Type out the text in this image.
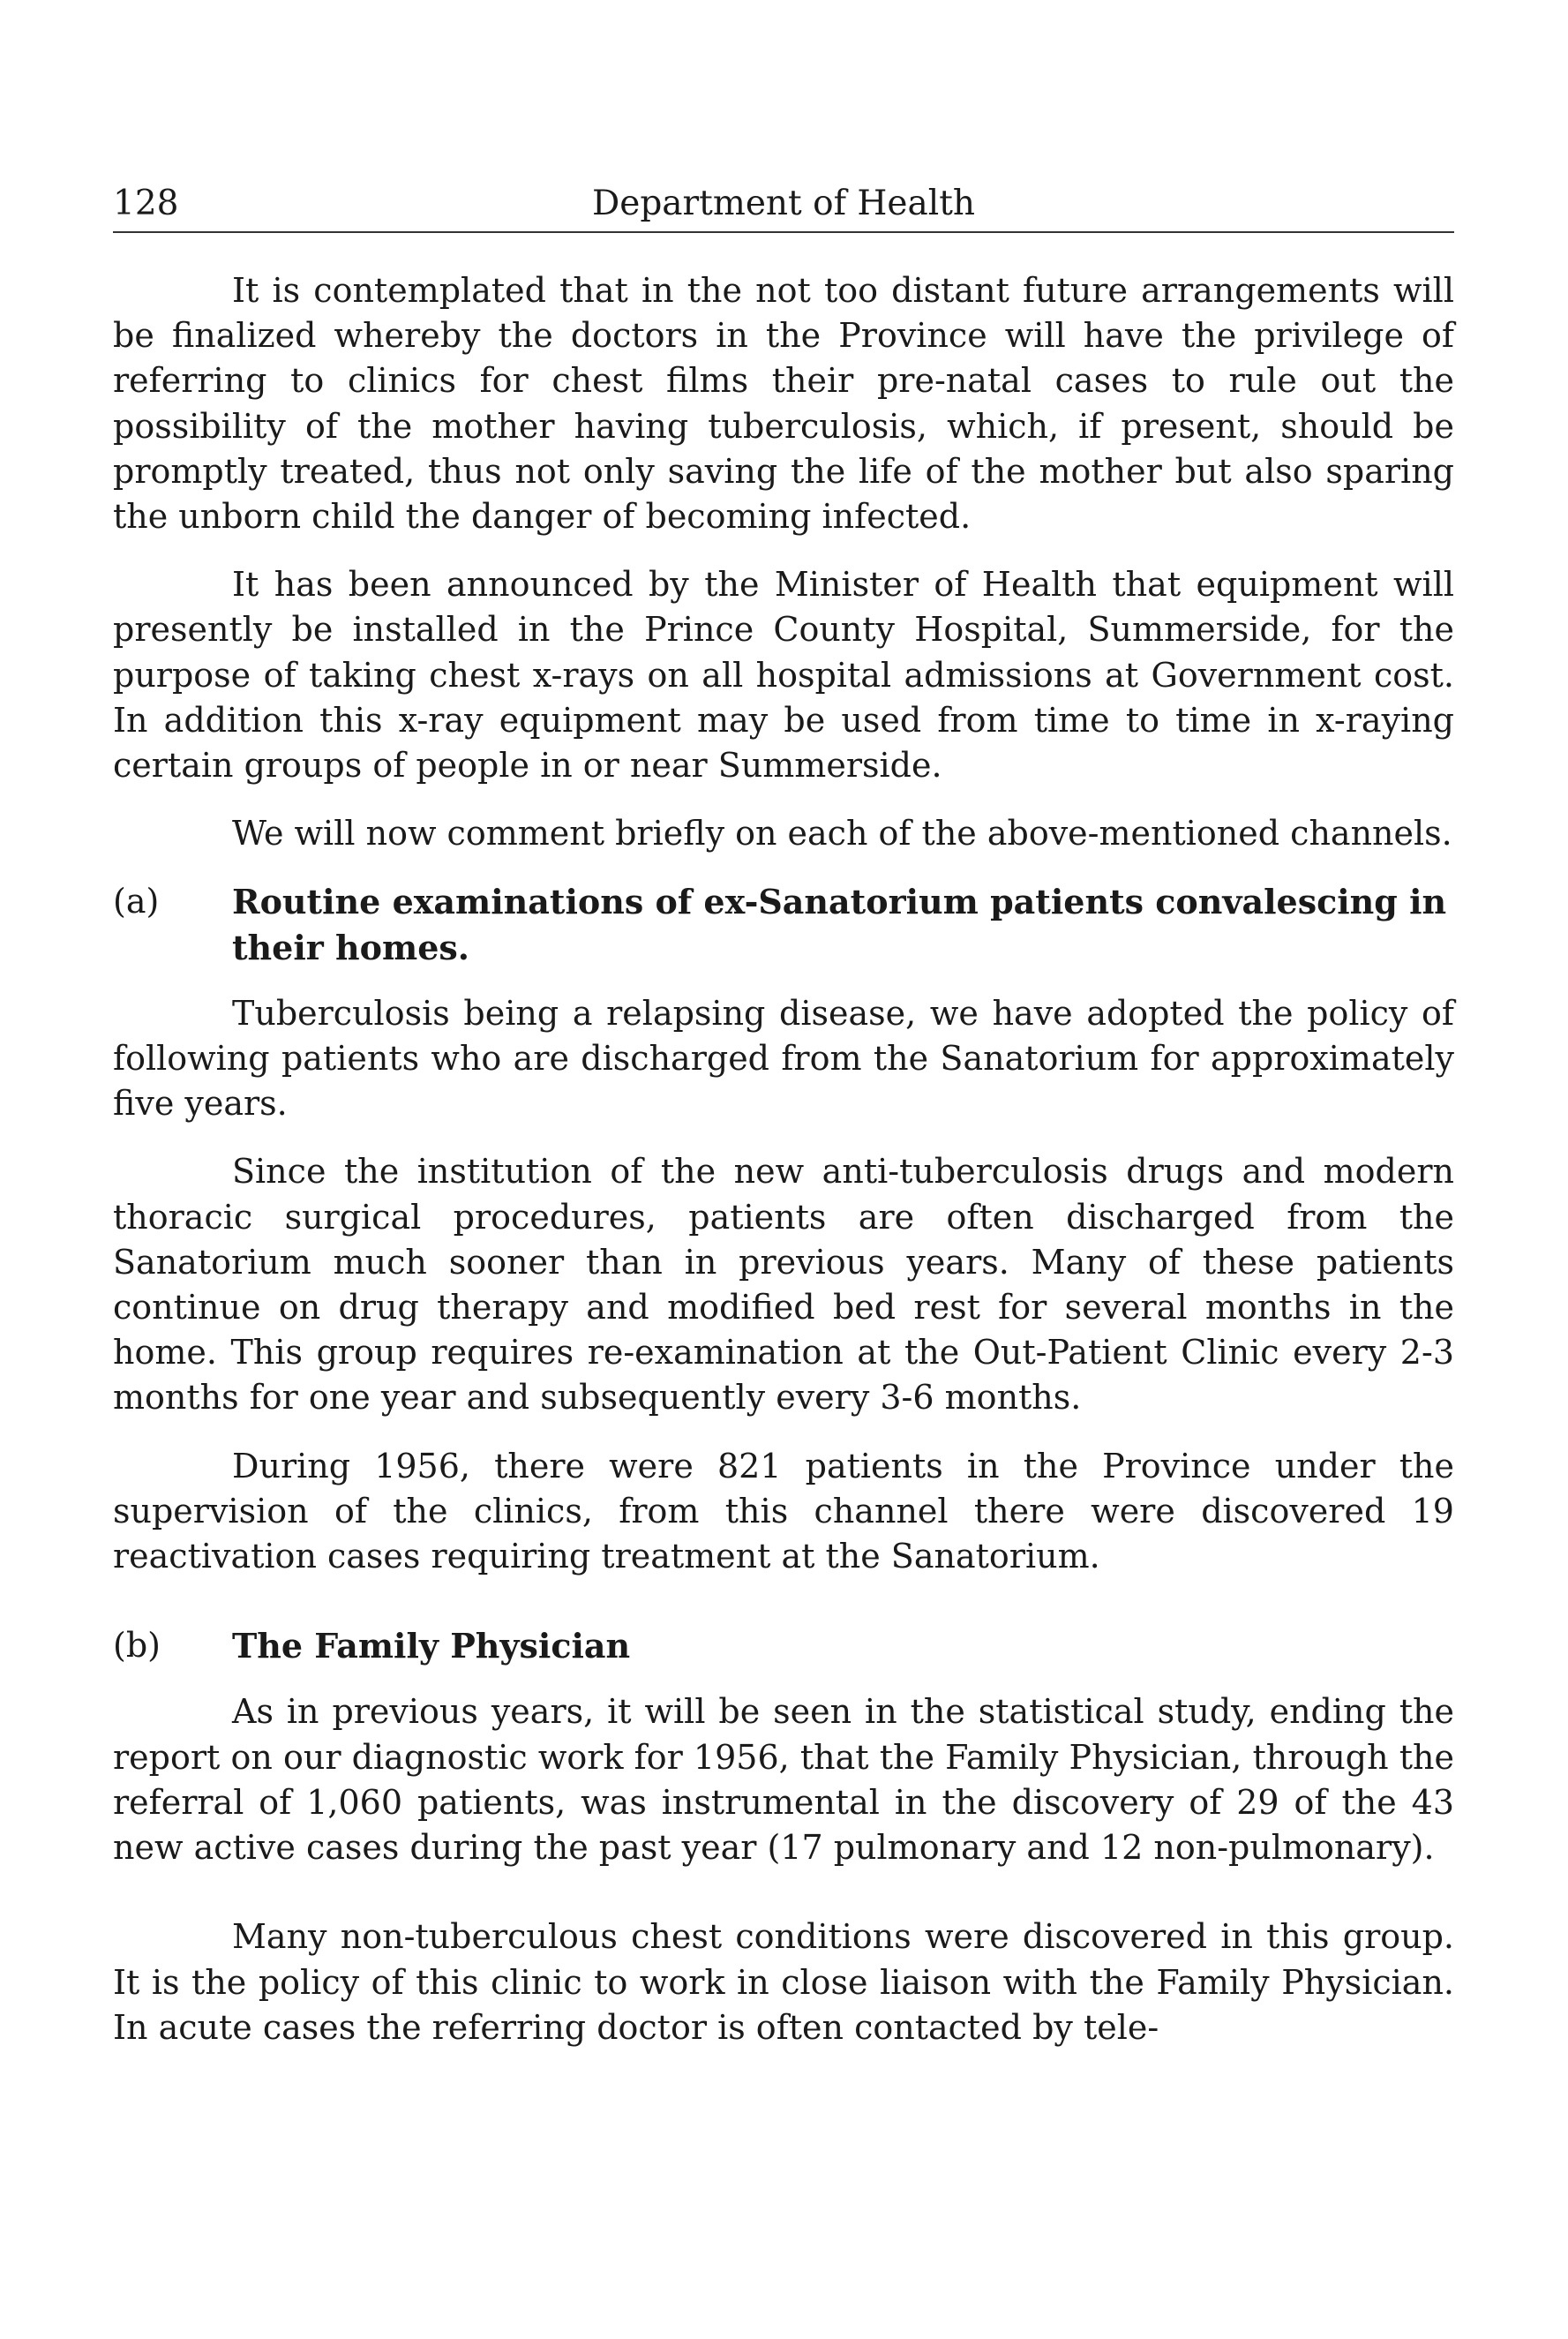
128	Department of Health

It is contemplated that in the not too distant future arrangements will be finalized whereby the doctors in the Province will have the privilege of referring to clinics for chest films their pre-natal cases to rule out the possibility of the mother having tuberculosis, which, if present, should be promptly treated, thus not only saving the life of the mother but also sparing the unborn child the danger of becoming infected.

It has been announced by the Minister of Health that equipment will presently be installed in the Prince County Hospital, Summerside, for the purpose of taking chest x-rays on all hospital admissions at Government cost. In addition this x-ray equipment may be used from time to time in x-raying certain groups of people in or near Summerside.

We will now comment briefly on each of the above-mentioned channels.

(a)	Routine examinations of ex-Sanatorium patients convalescing in their homes.

Tuberculosis being a relapsing disease, we have adopted the policy of following patients who are discharged from the Sanatorium for approximately five years.

Since the institution of the new anti-tuberculosis drugs and modern thoracic surgical procedures, patients are often discharged from the Sanatorium much sooner than in previous years. Many of these patients continue on drug therapy and modified bed rest for several months in the home. This group requires re-examination at the Out-Patient Clinic every 2-3 months for one year and subsequently every 3-6 months.

During 1956, there were 821 patients in the Province under the supervision of the clinics, from this channel there were discovered 19 reactivation cases requiring treatment at the Sanatorium.

(b)	The Family Physician

As in previous years, it will be seen in the statistical study, ending the report on our diagnostic work for 1956, that the Family Physician, through the referral of 1,060 patients, was instrumental in the discovery of 29 of the 43 new active cases during the past year (17 pulmonary and 12 non-pulmonary).

Many non-tuberculous chest conditions were discovered in this group. It is the policy of this clinic to work in close liaison with the Family Physician. In acute cases the referring doctor is often contacted by tele-
